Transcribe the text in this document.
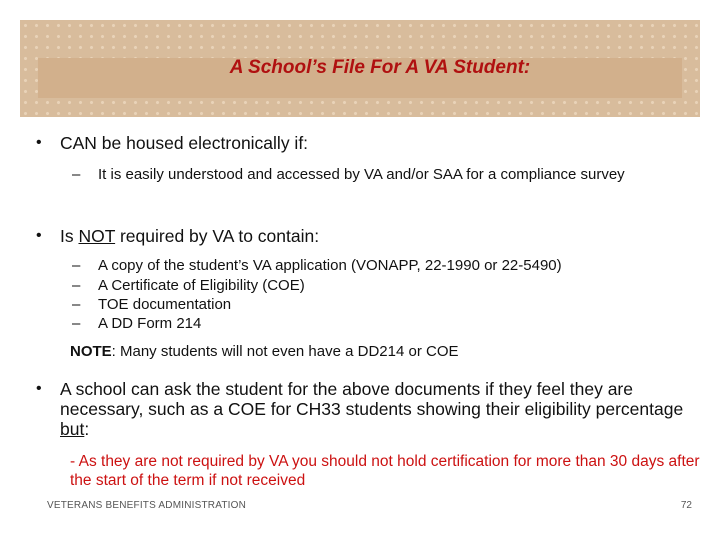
A School’s File For A VA Student:
• CAN be housed electronically if:
– It is easily understood and accessed by VA and/or SAA for a compliance survey
• Is NOT required by VA to contain:
– A copy of the student’s VA application (VONAPP, 22-1990 or 22-5490)
– A Certificate of Eligibility (COE)
– TOE documentation
– A DD Form 214
NOTE: Many students will not even have a DD214 or COE
• A school can ask the student for the above documents if they feel they are necessary, such as a COE for CH33 students showing their eligibility percentage but:
- As they are not required by VA you should not hold certification for more than 30 days after the start of the term if not received
VETERANS BENEFITS ADMINISTRATION	72
